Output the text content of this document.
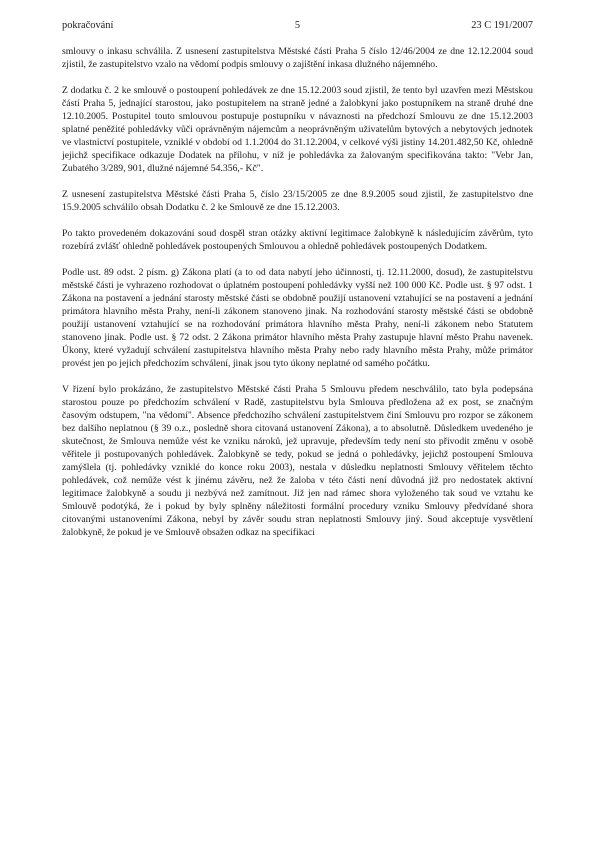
pokračování	5	23 C 191/2007

smlouvy o inkasu schválila. Z usnesení zastupitelstva Městské části Praha 5 číslo 12/46/2004 ze dne 12.12.2004 soud zjistil, že zastupitelstvo vzalo na vědomí podpis smlouvy o zajištění inkasa dlužného nájemného.

Z dodatku č. 2 ke smlouvě o postoupení pohledávek ze dne 15.12.2003 soud zjistil, že tento byl uzavřen mezi Městskou částí Praha 5, jednající starostou, jako postupitelem na straně jedné a žalobkyní jako postupníkem na straně druhé dne 12.10.2005. Postupitel touto smlouvou postupuje postupníku v návaznosti na předchozí Smlouvu ze dne 15.12.2003 splatné peněžité pohledávky vůči oprávněným nájemcům a neoprávněným uživatelům bytových a nebytových jednotek ve vlastnictví postupitele, vzniklé v období od 1.1.2004 do 31.12.2004, v celkové výši jistiny 14.201.482,50 Kč, ohledně jejichž specifikace odkazuje Dodatek na přílohu, v níž je pohledávka za žalovaným specifikována takto: "Vebr Jan, Zubatého 3/289, 901, dlužné nájemné 54.356,- Kč".

Z usnesení zastupitelstva Městské části Praha 5, číslo 23/15/2005 ze dne 8.9.2005 soud zjistil, že zastupitelstvo dne 15.9.2005 schválilo obsah Dodatku č. 2 ke Smlouvě ze dne 15.12.2003.

Po takto provedeném dokazování soud dospěl stran otázky aktivní legitimace žalobkyně k následujícím závěrům, tyto rozebírá zvlášť ohledně pohledávek postoupených Smlouvou a ohledně pohledávek postoupených Dodatkem.

Podle ust. 89 odst. 2 písm. g) Zákona platí (a to od data nabytí jeho účinnosti, tj. 12.11.2000, dosud), že zastupitelstvu městské části je vyhrazeno rozhodovat o úplatném postoupení pohledávky vyšší než 100 000 Kč. Podle ust. § 97 odst. 1 Zákona na postavení a jednání starosty městské části se obdobně použijí ustanovení vztahující se na postavení a jednání primátora hlavního města Prahy, není-li zákonem stanoveno jinak. Na rozhodování starosty městské části se obdobně použijí ustanovení vztahující se na rozhodování primátora hlavního města Prahy, není-li zákonem nebo Statutem stanoveno jinak. Podle ust. § 72 odst. 2 Zákona primátor hlavního města Prahy zastupuje hlavní město Prahu navenek. Úkony, které vyžadují schválení zastupitelstva hlavního města Prahy nebo rady hlavního města Prahy, může primátor provést jen po jejich předchozím schválení, jinak jsou tyto úkony neplatné od samého počátku.

V řízení bylo prokázáno, že zastupitelstvo Městské části Praha 5 Smlouvu předem neschválilo, tato byla podepsána starostou pouze po předchozím schválení v Radě, zastupitelstvu byla Smlouva předložena až ex post, se značným časovým odstupem, "na vědomí". Absence předchozího schválení zastupitelstvem činí Smlouvu pro rozpor se zákonem bez dalšího neplatnou (§ 39 o.z., posledně shora citovaná ustanovení Zákona), a to absolutně. Důsledkem uvedeného je skutečnost, že Smlouva nemůže vést ke vzniku nároků, jež upravuje, především tedy není sto přivodit změnu v osobě věřitele ji postupovaných pohledávek. Žalobkyně se tedy, pokud se jedná o pohledávky, jejichž postoupení Smlouva zamýšlela (tj. pohledávky vzniklé do konce roku 2003), nestala v důsledku neplatnosti Smlouvy věřitelem těchto pohledávek, což nemůže vést k jinému závěru, než že žaloba v této části není důvodná již pro nedostatek aktivní legitimace žalobkyně a soudu ji nezbývá než zamítnout. Již jen nad rámec shora vyloženého tak soud ve vztahu ke Smlouvě podotýká, že i pokud by byly splněny náležitosti formální procedury vzniku Smlouvy předvídané shora citovanými ustanoveními Zákona, nebyl by závěr soudu stran neplatnosti Smlouvy jiný. Soud akceptuje vysvětlení žalobkyně, že pokud je ve Smlouvě obsažen odkaz na specifikaci
